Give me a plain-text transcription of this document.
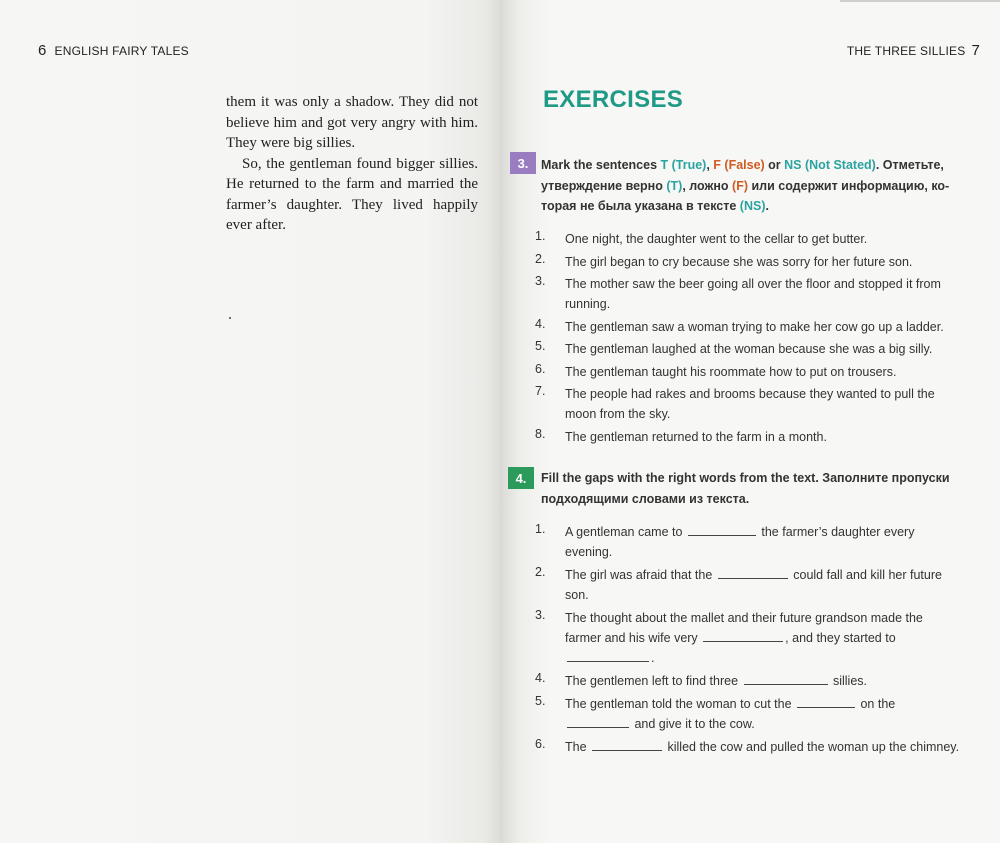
6 ENGLISH FAIRY TALES

them it was only a shadow. They did not believe him and got very angry with him. They were big sillies.

So, the gentleman found bigger sillies. He returned to the farm and married the farmer’s daughter. They lived happily ever after.

THE THREE SILLIES 7
EXERCISES
3.	Mark the sentences T (True), F (False) or NS (Not Stated). Отметьте, утверждение верно (T), ложно (F) или содержит информацию, которая не была указана в тексте (NS).
1.	One night, the daughter went to the cellar to get butter.
2.	The girl began to cry because she was sorry for her future son.
3.	The mother saw the beer going all over the floor and stopped it from running.
4.	The gentleman saw a woman trying to make her cow go up a ladder.
5.	The gentleman laughed at the woman because she was a big silly.
6.	The gentleman taught his roommate how to put on trousers.
7.	The people had rakes and brooms because they wanted to pull the moon from the sky.
8.	The gentleman returned to the farm in a month.
4.	Fill the gaps with the right words from the text. Заполните пропуски подходящими словами из текста.
1.	A gentleman came to	the farmer’s daughter every evening.
2.	The girl was afraid that the	could fall and kill her future son.
3.	The thought about the mallet and their future grandson made the farmer and his wife very	, and they started to .
4.	The gentlemen left to find three	sillies.
5.	The gentleman told the woman to cut the	on the  and give it to the cow.
6.	The	killed the cow and pulled the woman up the chimney.
